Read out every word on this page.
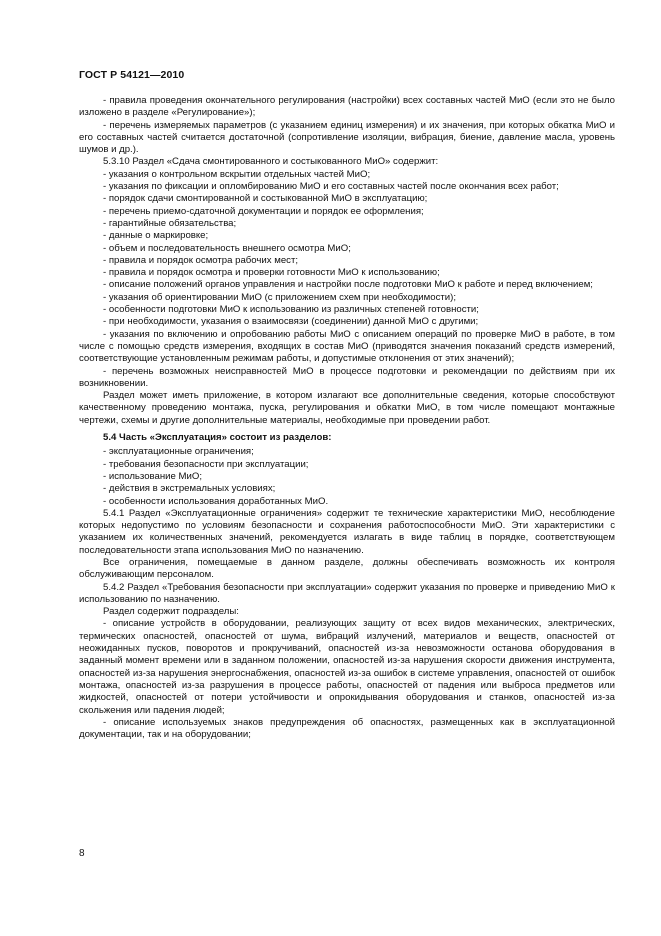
ГОСТ Р 54121—2010

- правила проведения окончательного регулирования (настройки) всех составных частей МиО (если это не было изложено в разделе «Регулирование»);

- перечень измеряемых параметров (с указанием единиц измерения) и их значения, при которых обкатка МиО и его составных частей считается достаточной (сопротивление изоляции, вибрация, биение, давление масла, уровень шумов и др.).

5.3.10 Раздел «Сдача смонтированного и состыкованного МиО» содержит:

- указания о контрольном вскрытии отдельных частей МиО;

- указания по фиксации и опломбированию МиО и его составных частей после окончания всех работ;

- порядок сдачи смонтированной и состыкованной МиО в эксплуатацию;

- перечень приемо-сдаточной документации и порядок ее оформления;

- гарантийные обязательства;

- данные о маркировке;

- объем и последовательность внешнего осмотра МиО;

- правила и порядок осмотра рабочих мест;

- правила и порядок осмотра и проверки готовности МиО к использованию;

- описание положений органов управления и настройки после подготовки МиО к работе и перед включением;

- указания об ориентировании МиО (с приложением схем при необходимости);

- особенности подготовки МиО к использованию из различных степеней готовности;

- при необходимости, указания о взаимосвязи (соединении) данной МиО с другими;

- указания по включению и опробованию работы МиО с описанием операций по проверке МиО в работе, в том числе с помощью средств измерения, входящих в состав МиО (приводятся значения показаний средств измерений, соответствующие установленным режимам работы, и допустимые отклонения от этих значений);

- перечень возможных неисправностей МиО в процессе подготовки и рекомендации по действиям при их возникновении.

Раздел может иметь приложение, в котором излагают все дополнительные сведения, которые способствуют качественному проведению монтажа, пуска, регулирования и обкатки МиО, в том числе помещают монтажные чертежи, схемы и другие дополнительные материалы, необходимые при проведении работ.

5.4 Часть «Эксплуатация» состоит из разделов:

- эксплуатационные ограничения;

- требования безопасности при эксплуатации;

- использование МиО;

- действия в экстремальных условиях;

- особенности использования доработанных МиО.

5.4.1 Раздел «Эксплуатационные ограничения» содержит те технические характеристики МиО, несоблюдение которых недопустимо по условиям безопасности и сохранения работоспособности МиО. Эти характеристики с указанием их количественных значений, рекомендуется излагать в виде таблиц в порядке, соответствующем последовательности этапа использования МиО по назначению.

Все ограничения, помещаемые в данном разделе, должны обеспечивать возможность их контроля обслуживающим персоналом.

5.4.2 Раздел «Требования безопасности при эксплуатации» содержит указания по проверке и приведению МиО к использованию по назначению.

Раздел содержит подразделы:

- описание устройств в оборудовании, реализующих защиту от всех видов механических, электрических, термических опасностей, опасностей от шума, вибраций излучений, материалов и веществ, опасностей от неожиданных пусков, поворотов и прокручиваний, опасностей из-за невозможности останова оборудования в заданный момент времени или в заданном положении, опасностей из-за нарушения скорости движения инструмента, опасностей из-за нарушения энергоснабжения, опасностей из-за ошибок в системе управления, опасностей от ошибок монтажа, опасностей из-за разрушения в процессе работы, опасностей от падения или выброса предметов или жидкостей, опасностей от потери устойчивости и опрокидывания оборудования и станков, опасностей из-за скольжения или падения людей;

- описание используемых знаков предупреждения об опасностях, размещенных как в эксплуатационной документации, так и на оборудовании;

8
